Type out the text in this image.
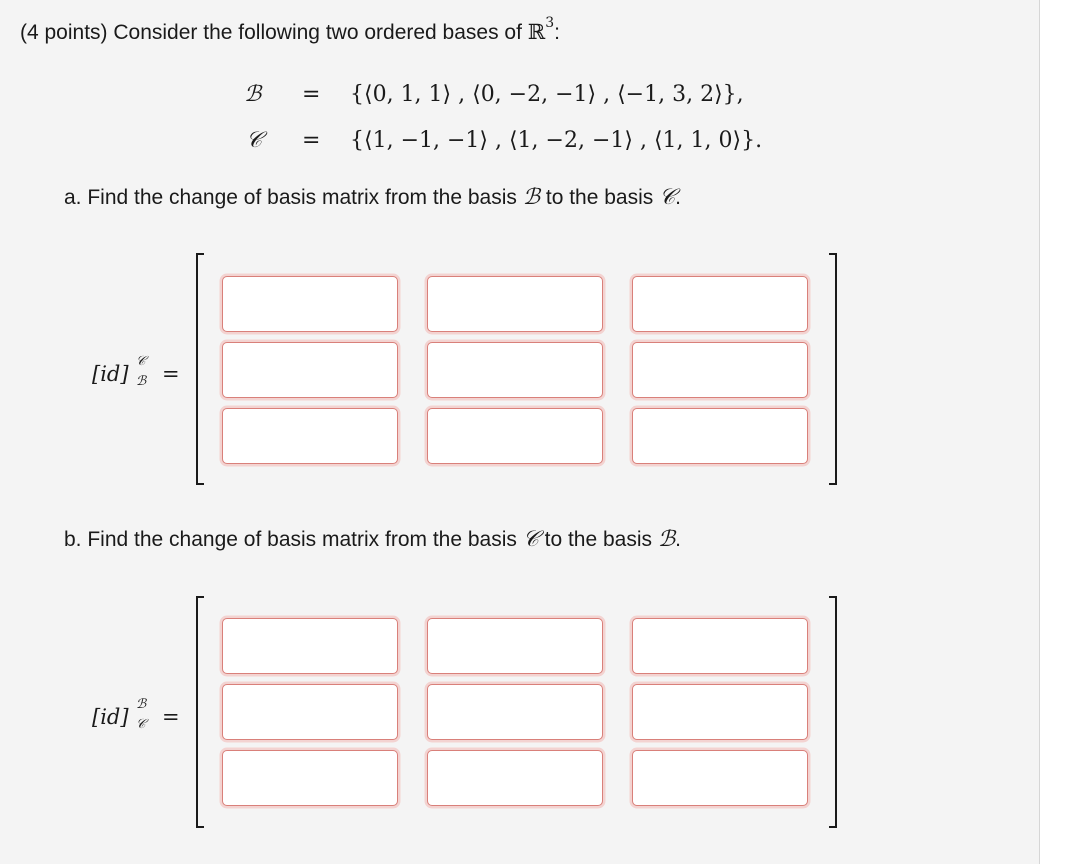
(4 points) Consider the following two ordered bases of ℝ$^3$:
ℬ = {⟨0, 1, 1⟩ , ⟨0, −2, −1⟩ , ⟨−1, 3, 2⟩},
𝒞 = {⟨1, −1, −1⟩ , ⟨1, −2, −1⟩ , ⟨1, 1, 0⟩}.
a. Find the change of basis matrix from the basis ℬ to the basis 𝒞.
[id]
𝒞
ℬ =
b. Find the change of basis matrix from the basis 𝒞 to the basis ℬ.
[id]
ℬ
𝒞 =
